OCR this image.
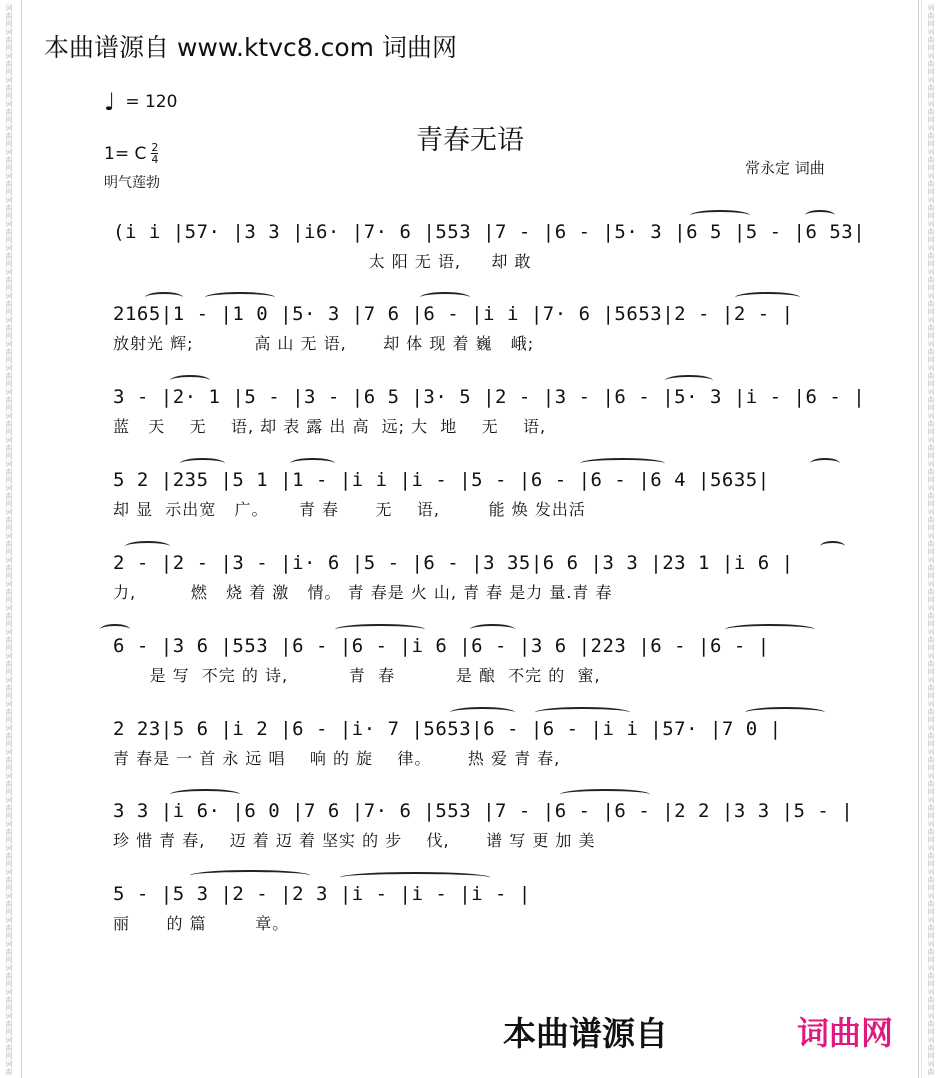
词
曲
网
词
曲
网
词
曲
网
词
曲
网
词
曲
网
词
曲
网
词
曲
网
词
曲
网
词
曲
网
词
曲
网
词
曲
网
词
曲
网
词
曲
网
词
曲
网
词
曲
网
词
曲
网
词
曲
网
词
曲
网
词
曲
网
词
曲
网
词
曲
网
词
曲
网
词
曲
网
词
曲
网
词
曲
网
词
曲
网
词
曲
网
词
曲
网
词
曲
网
词
曲
网
词
曲
网
词
曲
网
词
曲
网
词
曲
网
词
曲
网
词
曲
网
词
曲
网
词
曲
网
词
曲
网
词
曲
网
词
曲
网
词
曲
网
词
曲
网
词
曲
网
词
曲
词
曲
网
词
曲
网
词
曲
网
词
曲
网
词
曲
网
词
曲
网
词
曲
网
词
曲
网
词
曲
网
词
曲
网
词
曲
网
词
曲
网
词
曲
网
词
曲
网
词
曲
网
词
曲
网
词
曲
网
词
曲
网
词
曲
网
词
曲
网
词
曲
网
词
曲
网
词
曲
网
词
曲
网
词
曲
网
词
曲
网
词
曲
网
词
曲
网
词
曲
网
词
曲
网
词
曲
网
词
曲
网
词
曲
网
词
曲
网
词
曲
网
词
曲
网
词
曲
网
词
曲
网
词
曲
网
词
曲
网
词
曲
网
词
曲
网
词
曲
网
词
曲
网
词
曲
本曲谱源自 www.ktvc8.com 词曲网
♩ = 120
青春无语
1= C $\frac{2}{4}$
明气莲勃
常永定 词曲
(i i |57· |3 3 |i6· |7· 6 |553 |7 - |6 - |5· 3 |6 5 |5 - |6 53|
太 阳 无 语,     却 敢
2165|1 - |1 0 |5· 3 |7 6 |6 - |i i |7· 6 |5653|2 - |2 - |
放射光 辉;          高 山 无 语,      却 体 现 着 巍   峨;
3 - |2· 1 |5 - |3 - |6 5 |3· 5 |2 - |3 - |6 - |5· 3 |i - |6 - |
蓝   天    无    语, 却 表 露 出 高  远; 大  地    无    语,
5 2 |235 |5 1 |1 - |i i |i - |5 - |6 - |6 - |6 4 |5635|
却 显  示出宽   广。     青 春      无    语,        能 焕 发出活
2 - |2 - |3 - |i· 6 |5 - |6 - |3 35|6 6 |3 3 |23 1 |i 6 |
力,         燃   烧 着 激   情。 青 春是 火 山, 青 春 是力 量.青 春
6 - |3 6 |553 |6 - |6 - |i 6 |6 - |3 6 |223 |6 - |6 - |
是 写  不完 的 诗,          青  春          是 酿  不完 的  蜜,
2 23|5 6 |i 2 |6 - |i· 7 |5653|6 - |6 - |i i |57· |7 0 |
青 春是 一 首 永 远 唱    响 的 旋    律。      热 爱 青 春,
3 3 |i 6· |6 0 |7 6 |7· 6 |553 |7 - |6 - |6 - |2 2 |3 3 |5 - |
珍 惜 青 春,    迈 着 迈 着 坚实 的 步    伐,      谱 写 更 加 美
5 - |5 3 |2 - |2 3 |i - |i - |i - |
丽      的 篇        章。
本曲谱源自	词曲网
